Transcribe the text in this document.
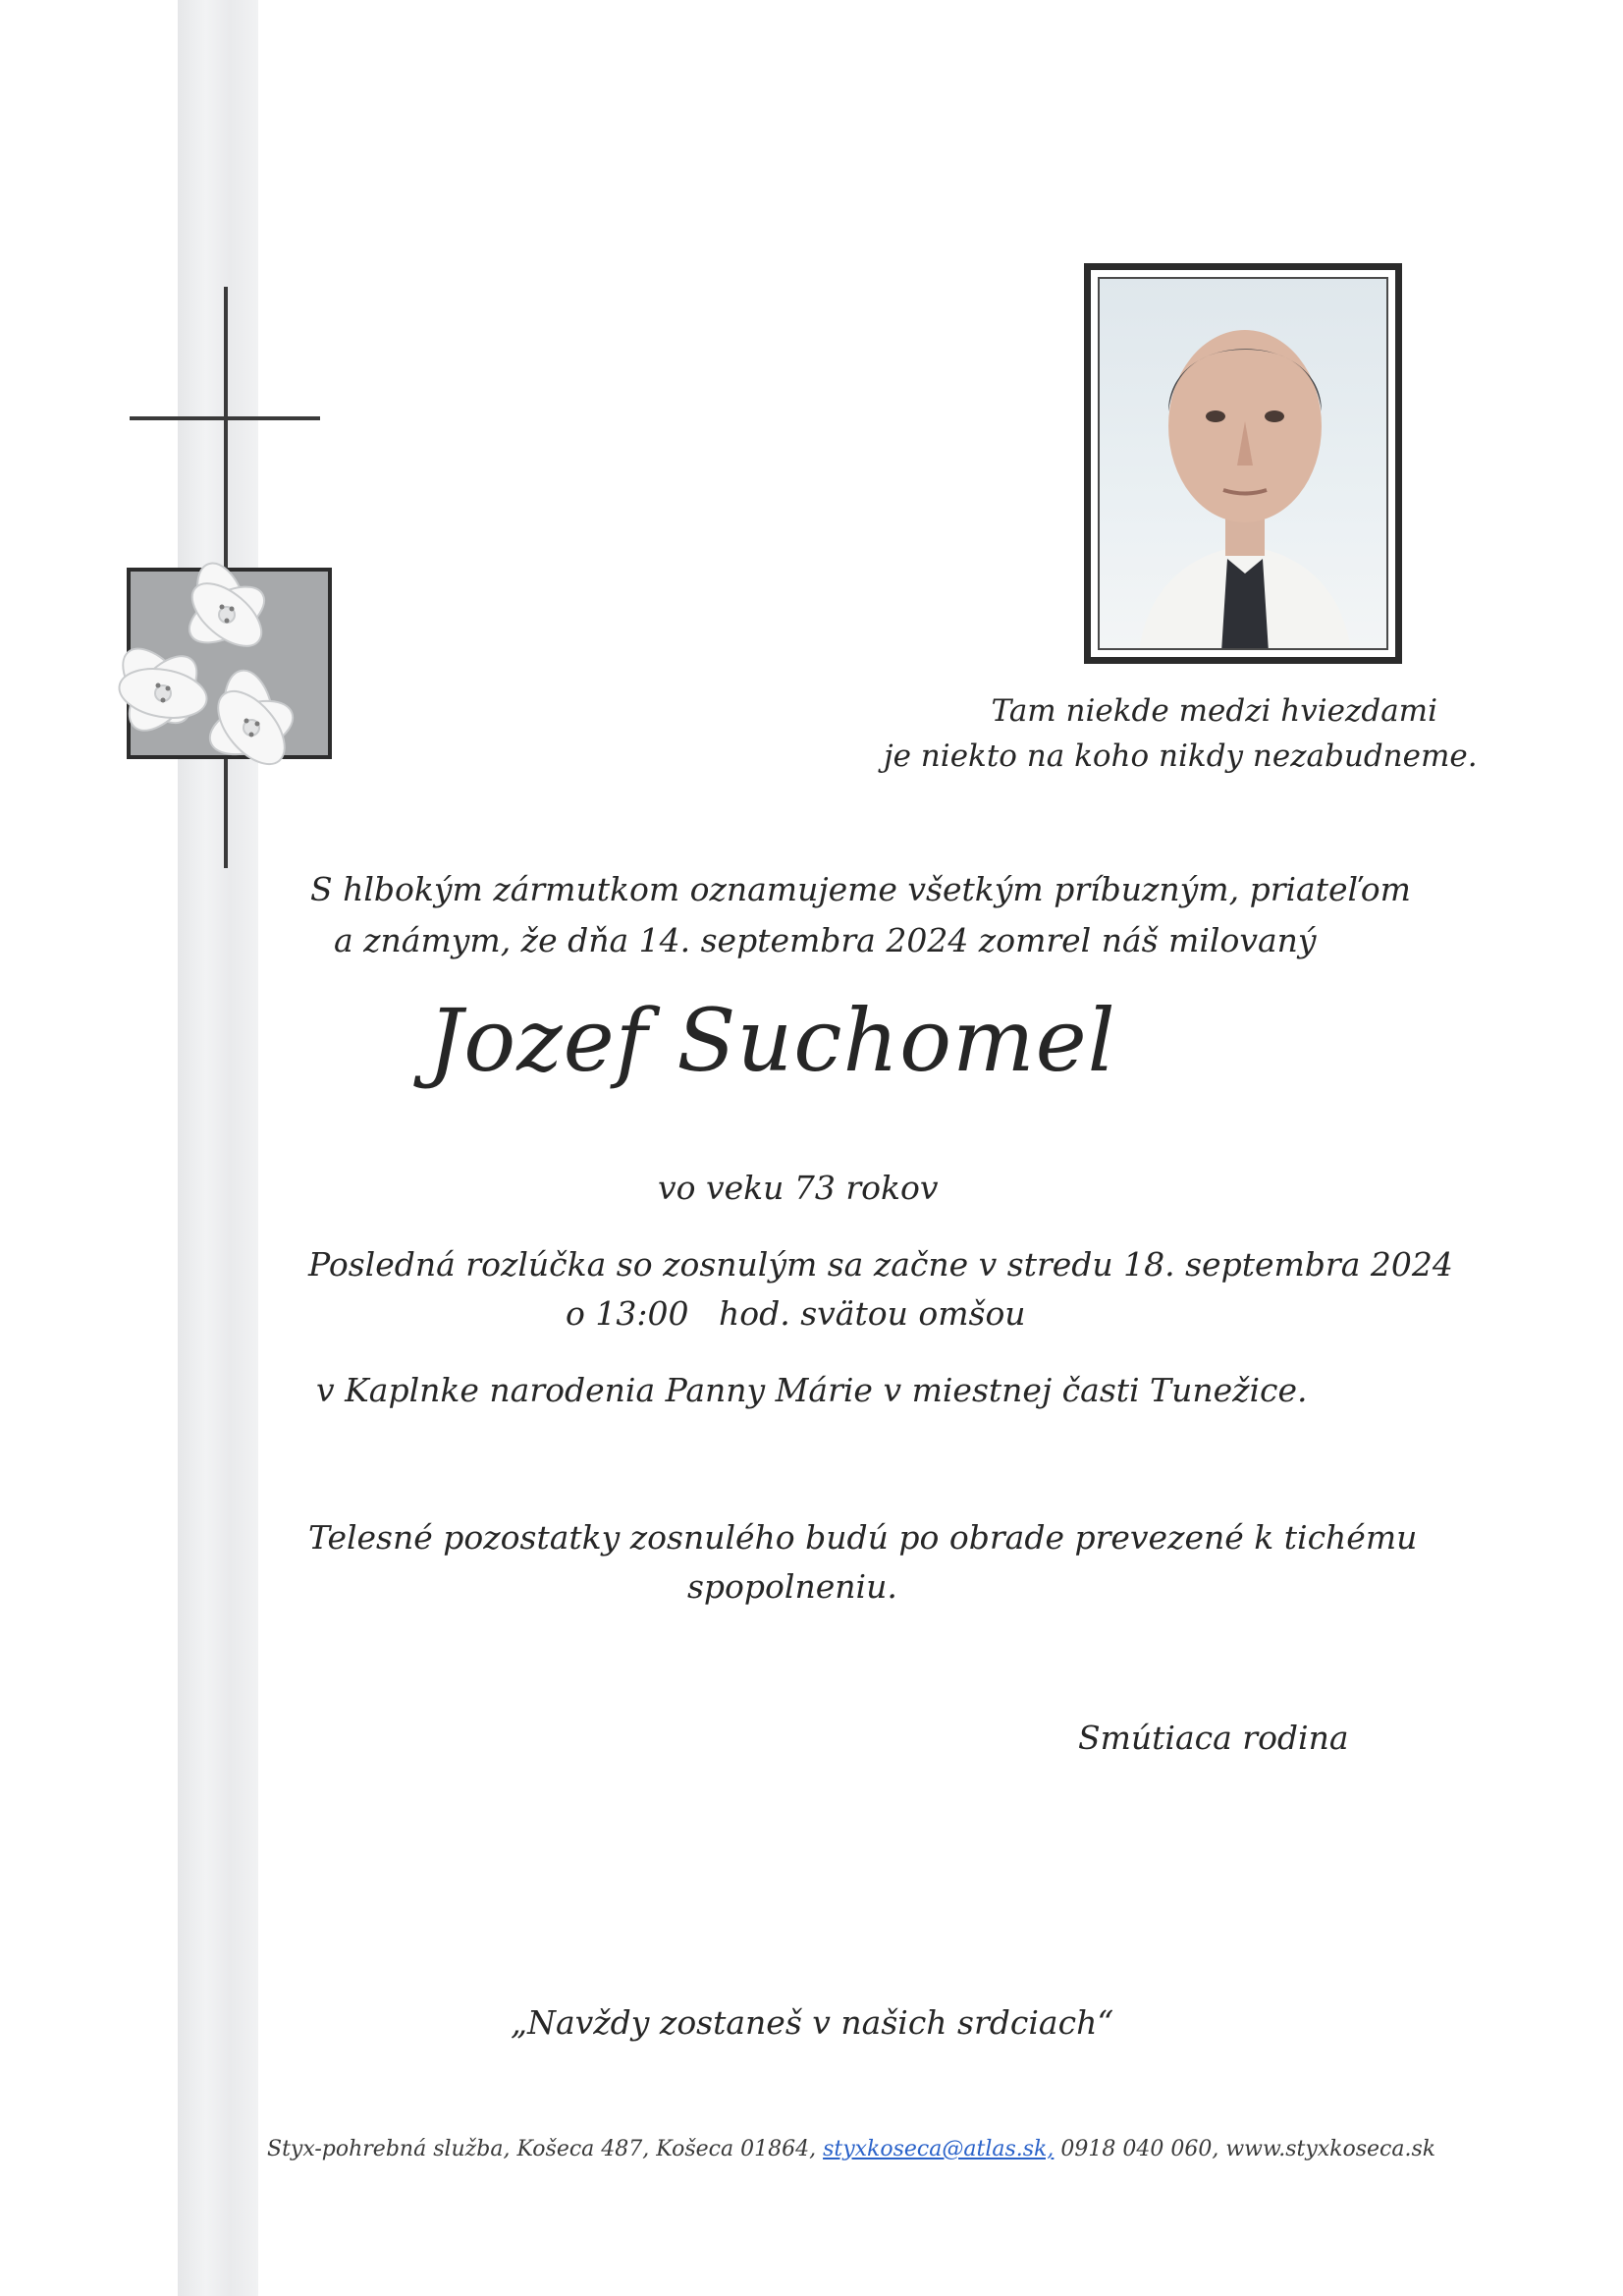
Tam niekde medzi hviezdami
je niekto na koho nikdy nezabudneme.
S hlbokým zármutkom oznamujeme všetkým príbuzným, priateľom
a známym, že dňa 14. septembra 2024 zomrel náš milovaný
Jozef Suchomel
vo veku 73 rokov
Posledná rozlúčka so zosnulým sa začne v stredu 18. septembra 2024
o 13:00 hod. svätou omšou
v Kaplnke narodenia Panny Márie v miestnej časti Tunežice.
Telesné pozostatky zosnulého budú po obrade prevezené k tichému
spopolneniu.
Smútiaca rodina
„Navždy zostaneš v našich srdciach“
Styx-pohrebná služba, Košeca 487, Košeca 01864, styxkoseca@atlas.sk, 0918 040 060, www.styxkoseca.sk
